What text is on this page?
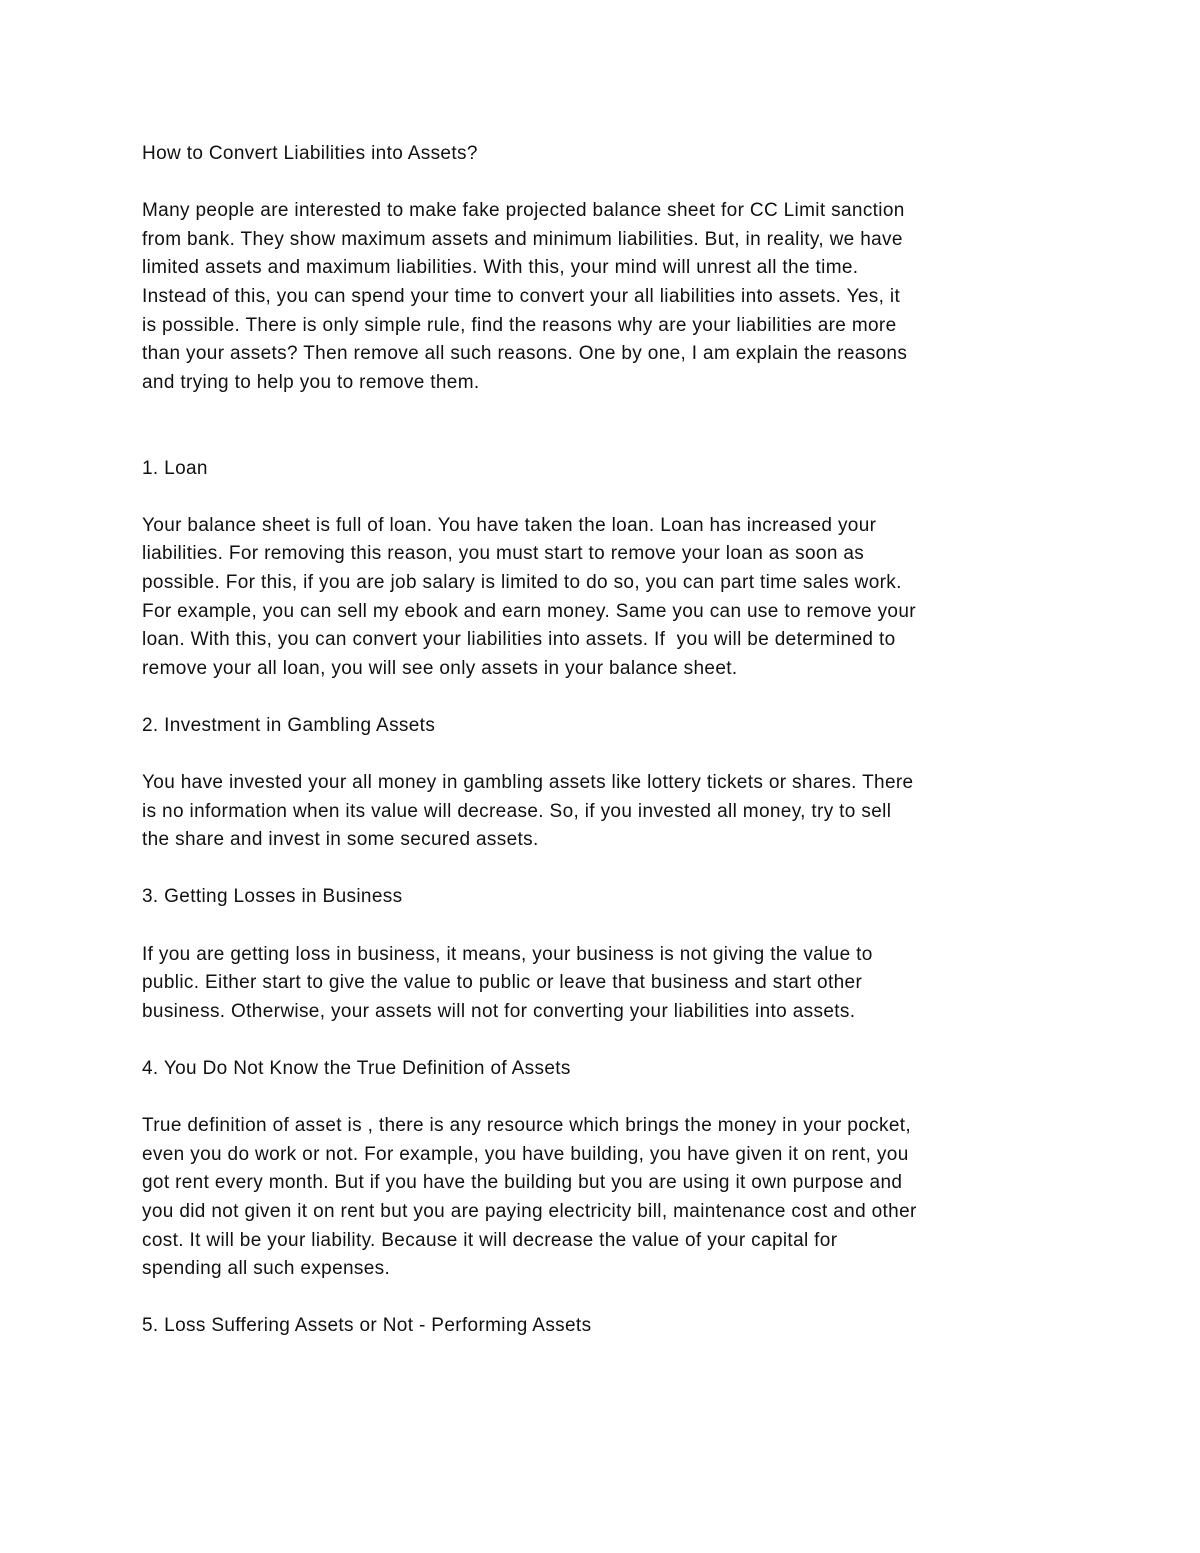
How to Convert Liabilities into Assets?

Many people are interested to make fake projected balance sheet for CC Limit sanction
from bank. They show maximum assets and minimum liabilities. But, in reality, we have
limited assets and maximum liabilities. With this, your mind will unrest all the time.
Instead of this, you can spend your time to convert your all liabilities into assets. Yes, it
is possible. There is only simple rule, find the reasons why are your liabilities are more
than your assets? Then remove all such reasons. One by one, I am explain the reasons
and trying to help you to remove them.

1. Loan

Your balance sheet is full of loan. You have taken the loan. Loan has increased your
liabilities. For removing this reason, you must start to remove your loan as soon as
possible. For this, if you are job salary is limited to do so, you can part time sales work.
For example, you can sell my ebook and earn money. Same you can use to remove your
loan. With this, you can convert your liabilities into assets. If  you will be determined to
remove your all loan, you will see only assets in your balance sheet.

2. Investment in Gambling Assets

You have invested your all money in gambling assets like lottery tickets or shares. There
is no information when its value will decrease. So, if you invested all money, try to sell
the share and invest in some secured assets.

3. Getting Losses in Business

If you are getting loss in business, it means, your business is not giving the value to
public. Either start to give the value to public or leave that business and start other
business. Otherwise, your assets will not for converting your liabilities into assets.

4. You Do Not Know the True Definition of Assets

True definition of asset is , there is any resource which brings the money in your pocket,
even you do work or not. For example, you have building, you have given it on rent, you
got rent every month. But if you have the building but you are using it own purpose and
you did not given it on rent but you are paying electricity bill, maintenance cost and other
cost. It will be your liability. Because it will decrease the value of your capital for
spending all such expenses.

5. Loss Suffering Assets or Not - Performing Assets
